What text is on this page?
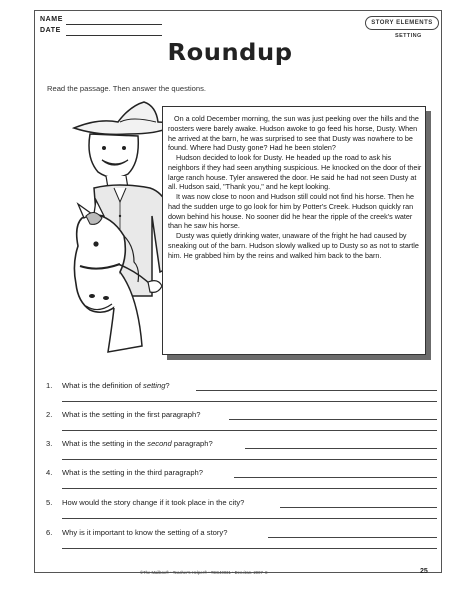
NAME
DATE
STORY ELEMENTS
SETTING
Roundup
Read the passage. Then answer the questions.

On a cold December morning, the sun was just peeking over the hills and the roosters were barely awake. Hudson awoke to go feed his horse, Dusty. When he arrived at the barn, he was surprised to see that Dusty was nowhere to be found. Where had Dusty gone? Had he been stolen?

Hudson decided to look for Dusty. He headed up the road to ask his neighbors if they had seen anything suspicious. He knocked on the door of their large ranch house. Tyler answered the door. He said he had not seen Dusty at all. Hudson said, "Thank you," and he kept looking.

It was now close to noon and Hudson still could not find his horse. Then he had the sudden urge to go look for him by Potter's Creek. Hudson quickly ran down behind his house. No sooner did he hear the ripple of the creek's water than he saw his horse.

Dusty was quietly drinking water, unaware of the fright he had caused by sneaking out of the barn. Hudson slowly walked up to Dusty so as not to startle him. He grabbed him by the reins and walked him back to the barn.

1.	What is the definition of setting?
2.	What is the setting in the first paragraph?
3.	What is the setting in the second paragraph?
4.	What is the setting in the third paragraph?
5.	How would the story change if it took place in the city?
6.	Why is it important to know the setting of a story?
©The Mailbox® • Teacher's Helper® • TEC40031 • Dec./Jan. 2007–8	25
